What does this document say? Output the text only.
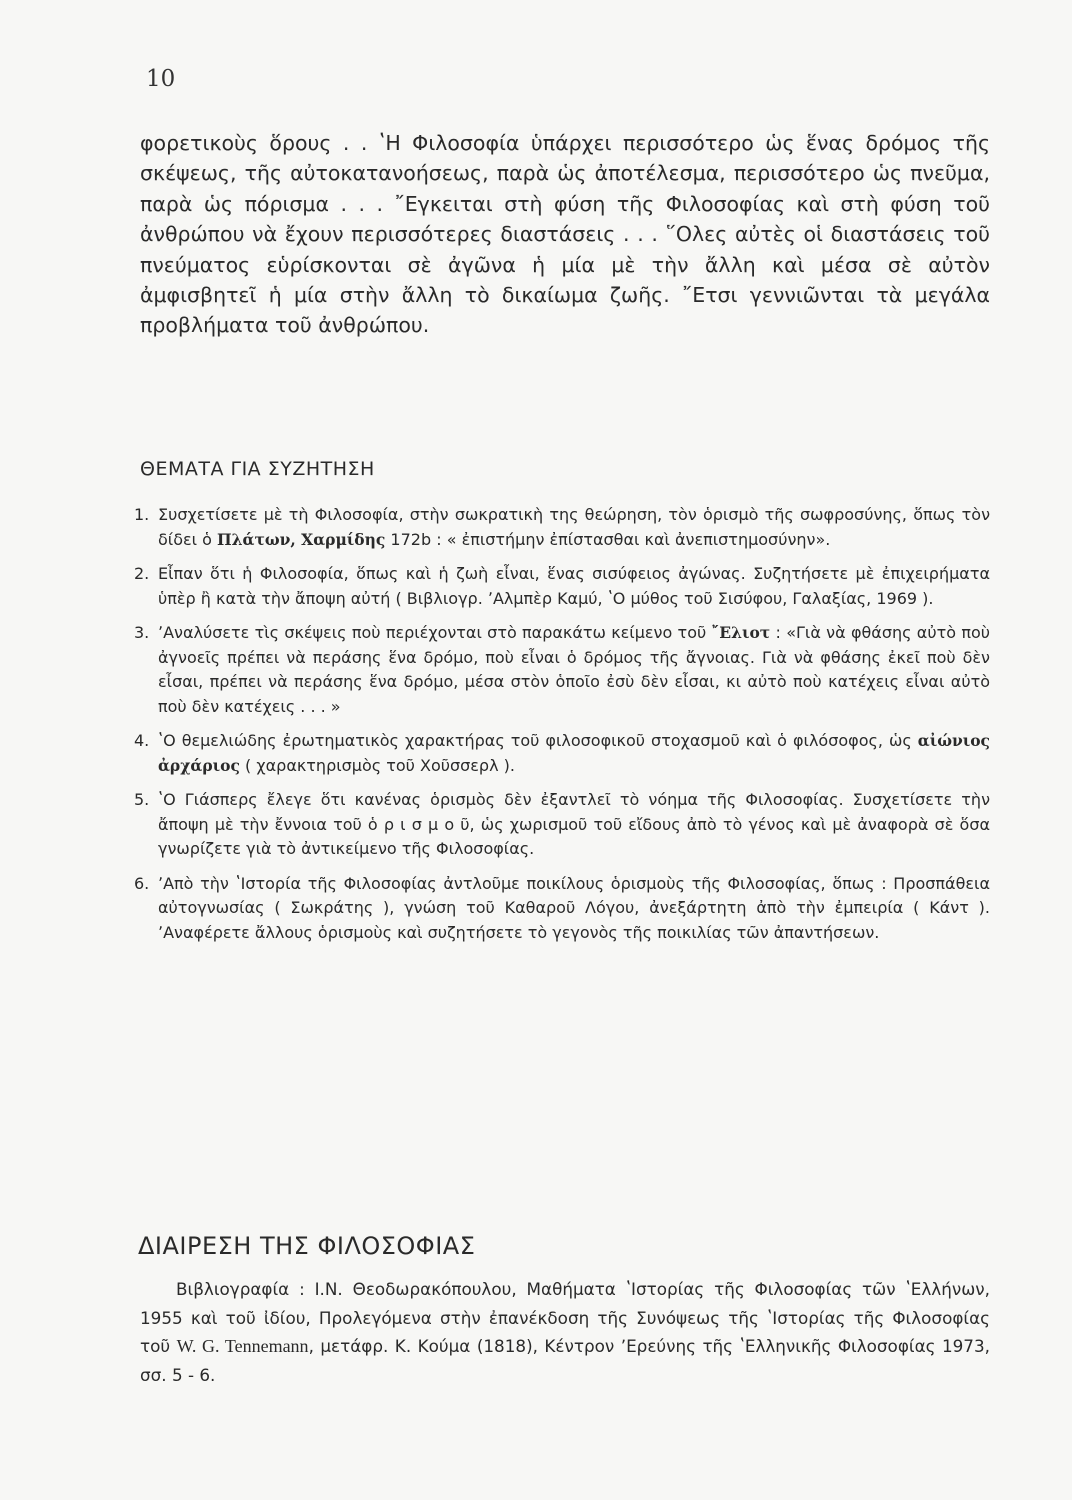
10

φορετικοὺς ὅρους . . ʽΗ Φιλοσοφία ὑπάρχει περισσότερο ὡς ἕνας δρόμος τῆς σκέψεως, τῆς αὐτοκατανοήσεως, παρὰ ὡς ἀποτέλεσμα, περισσότερο ὡς πνεῦμα, παρὰ ὡς πόρισμα . . . ῎Εγκειται στὴ φύση τῆς Φιλοσοφίας καὶ στὴ φύση τοῦ ἀνθρώπου νὰ ἔχουν περισσότερες διαστάσεις . . . ῞Ολες αὐτὲς οἱ διαστάσεις τοῦ πνεύματος εὑρίσκονται σὲ ἀγῶνα ἡ μία μὲ τὴν ἄλλη καὶ μέσα σὲ αὐτὸν ἀμφισβητεῖ ἡ μία στὴν ἄλλη τὸ δικαίωμα ζωῆς. ῎Ετσι γεννιῶνται τὰ μεγάλα προβλήματα τοῦ ἀνθρώπου.

ΘΕΜΑΤΑ ΓΙΑ ΣΥΖΗΤΗΣΗ
1. Συσχετίσετε μὲ τὴ Φιλοσοφία, στὴν σωκρατικὴ της θεώρηση, τὸν ὁρισμὸ τῆς σωφροσύνης, ὅπως τὸν δίδει ὁ Πλάτων, Χαρμίδης 172b : « ἐπιστήμην ἐπίστασθαι καὶ ἀνεπιστημοσύνην».
2. Εἶπαν ὅτι ἡ Φιλοσοφία, ὅπως καὶ ἡ ζωὴ εἶναι, ἕνας σισύφειος ἀγώνας. Συζητήσετε μὲ ἐπιχειρήματα ὑπὲρ ἢ κατὰ τὴν ἄποψη αὐτή ( Βιβλιογρ. ʼΑλμπὲρ Καμύ, ʽΟ μύθος τοῦ Σισύφου, Γαλαξίας, 1969 ).
3. ʼΑναλύσετε τὶς σκέψεις ποὺ περιέχονται στὸ παρακάτω κείμενο τοῦ ῎Ελιοτ : «Γιὰ νὰ φθάσης αὐτὸ ποὺ ἀγνοεῖς πρέπει νὰ περάσης ἕνα δρόμο, ποὺ εἶναι ὁ δρόμος τῆς ἄγνοιας. Γιὰ νὰ φθάσης ἐκεῖ ποὺ δὲν εἶσαι, πρέπει νὰ περάσης ἕνα δρόμο, μέσα στὸν ὁποῖο ἐσὺ δὲν εἶσαι, κι αὐτὸ ποὺ κατέχεις εἶναι αὐτὸ ποὺ δὲν κατέχεις . . . »
4. ʽΟ θεμελιώδης ἐρωτηματικὸς χαρακτήρας τοῦ φιλοσοφικοῦ στοχασμοῦ καὶ ὁ φιλόσοφος, ὡς αἰώνιος ἀρχάριος ( χαρακτηρισμὸς τοῦ Χοῦσσερλ ).
5. ʽΟ Γιάσπερς ἔλεγε ὅτι κανένας ὁρισμὸς δὲν ἐξαντλεῖ τὸ νόημα τῆς Φιλοσοφίας. Συσχετίσετε τὴν ἄποψη μὲ τὴν ἔννοια τοῦ ὁ ρ ι σ μ ο ῦ, ὡς χωρισμοῦ τοῦ εἴδους ἀπὸ τὸ γένος καὶ μὲ ἀναφορὰ σὲ ὅσα γνωρίζετε γιὰ τὸ ἀντικείμενο τῆς Φιλοσοφίας.
6. ʼΑπὸ τὴν ʽΙστορία τῆς Φιλοσοφίας ἀντλοῦμε ποικίλους ὁρισμοὺς τῆς Φιλοσοφίας, ὅπως : Προσπάθεια αὐτογνωσίας ( Σωκράτης ), γνώση τοῦ Καθαροῦ Λόγου, ἀνεξάρτητη ἀπὸ τὴν ἐμπειρία ( Κάντ ). ʼΑναφέρετε ἄλλους ὁρισμοὺς καὶ συζητήσετε τὸ γεγονὸς τῆς ποικιλίας τῶν ἀπαντήσεων.
ΔΙΑΙΡΕΣΗ ΤΗΣ ΦΙΛΟΣΟΦΙΑΣ

Βιβλιογραφία : Ι.Ν. Θεοδωρακόπουλου, Μαθήματα ʽΙστορίας τῆς Φιλοσοφίας τῶν ʽΕλλήνων, 1955 καὶ τοῦ ἰδίου, Προλεγόμενα στὴν ἐπανέκδοση τῆς Συνόψεως τῆς ʽΙστορίας τῆς Φιλοσοφίας τοῦ W. G. Tennemann, μετάφρ. Κ. Κούμα (1818), Κέντρον ʼΕρεύνης τῆς ʽΕλληνικῆς Φιλοσοφίας 1973, σσ. 5 - 6.
